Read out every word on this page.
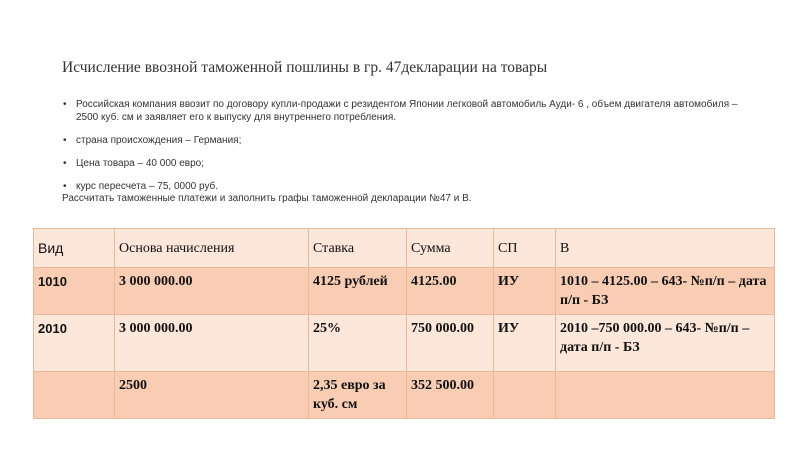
Исчисление ввозной таможенной пошлины в гр. 47декларации на товары
• Российская компания ввозит по договору купли-продажи с резидентом Японии легковой автомобиль Ауди- 6 , объем двигателя автомобиля – 2500 куб. см и заявляет его к выпуску для внутреннего потребления.
• страна происхождения – Германия;
• Цена товара – 40 000 евро;
• курс пересчета – 75, 0000 руб.
Рассчитать таможенные платежи и заполнить графы таможенной декларации №47 и В.
Вид	Основа начисления	Ставка	Сумма	СП	В
1010	3 000 000.00	4125 рублей	4125.00	ИУ	1010 – 4125.00 – 643- №п/п – дата п/п - БЗ
2010	3 000 000.00	25%	750 000.00	ИУ	2010 –750 000.00 – 643- №п/п – дата п/п - БЗ
	2500	2,35 евро за куб. см	352 500.00		
